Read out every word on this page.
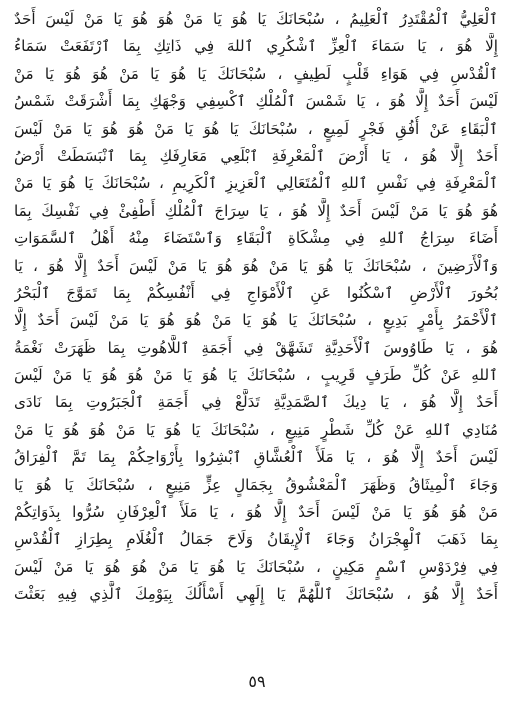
ٱلْعَلِيُّ ٱلْمُقْتَدِرُ ٱلْعَلِيمُ ، سُبْحَانَكَ يَا هُوَ يَا مَنْ هُوَ هُوَ يَا مَنْ لَيْسَ أَحَدٌ
إِلَّا هُوَ ، يَا سَمَاءَ ٱلْعِزِّ ٱشْكُرِي ٱللهَ فِي ذَاتِكِ بِمَا ٱرْتَفَعَتْ سَمَاءُ
ٱلْقُدْسِ فِي هَوَاءِ قَلْبٍ لَطِيفٍ ، سُبْحَانَكَ يَا هُوَ يَا مَنْ هُوَ هُوَ يَا مَنْ
لَيْسَ أَحَدٌ إِلَّا هُوَ ، يَا شَمْسَ ٱلْمُلْكِ ٱكْسِفِي وَجْهَكِ بِمَا أَشْرَقَتْ شَمْسُ
ٱلْبَقَاءِ عَنْ أُفُقِ فَجْرٍ لَمِيعٍ ، سُبْحَانَكَ يَا هُوَ يَا مَنْ هُوَ هُوَ يَا مَنْ لَيْسَ
أَحَدٌ إِلَّا هُوَ ، يَا أَرْضَ ٱلْمَعْرِفَةِ ٱبْلَعِي مَعَارِفَكِ بِمَا ٱنْبَسَطَتْ أَرْضُ
ٱلْمَعْرِفَةِ فِي نَفْسِ ٱللهِ ٱلْمُتَعَالِي ٱلْعَزِيزِ ٱلْكَرِيمِ ، سُبْحَانَكَ يَا هُوَ يَا مَنْ
هُوَ هُوَ يَا مَنْ لَيْسَ أَحَدٌ إِلَّا هُوَ ، يَا سِرَاجَ ٱلْمُلْكِ أَطْفِئْ فِي نَفْسِكَ بِمَا
أَضَاءَ سِرَاجُ ٱللهِ فِي مِشْكَاةِ ٱلْبَقَاءِ وَٱسْتَضَاءَ مِنْهُ أَهْلُ ٱلسَّمَوَاتِ
وَٱلْأَرَضِينَ ، سُبْحَانَكَ يَا هُوَ يَا مَنْ هُوَ هُوَ يَا مَنْ لَيْسَ أَحَدٌ إِلَّا هُوَ ، يَا
بُحُورَ ٱلْأَرْضِ ٱسْكُنُوا عَنِ ٱلْأَمْوَاجِ فِي أَنْفُسِكُمْ بِمَا تَمَوَّجَ ٱلْبَحْرُ
ٱلْأَحْمَرُ بِأَمْرٍ بَدِيعٍ ، سُبْحَانَكَ يَا هُوَ يَا مَنْ هُوَ هُوَ يَا مَنْ لَيْسَ أَحَدٌ إِلَّا
هُوَ ، يَا طَاوُوسَ ٱلْأَحَدِيَّةِ تَشَهَّقْ فِي أَجَمَةِ ٱللَّاهُوتِ بِمَا ظَهَرَتْ نَغْمَةُ
ٱللهِ عَنْ كُلِّ طَرَفٍ قَرِيبٍ ، سُبْحَانَكَ يَا هُوَ يَا مَنْ هُوَ هُوَ يَا مَنْ لَيْسَ
أَحَدٌ إِلَّا هُوَ ، يَا دِيكَ ٱلصَّمَدِيَّةِ تَدَلَّعْ فِي أَجَمَةِ ٱلْجَبَرُوتِ بِمَا نَادَى
مُنَادِي ٱللهِ عَنْ كُلِّ شَطْرٍ مَنِيعٍ ، سُبْحَانَكَ يَا هُوَ يَا مَنْ هُوَ هُوَ يَا مَنْ
لَيْسَ أَحَدٌ إِلَّا هُوَ ، يَا مَلَأَ ٱلْعُشَّاقِ ٱبْشِرُوا بِأَرْوَاحِكُمْ بِمَا تَمَّ ٱلْفِرَاقُ
وَجَاءَ ٱلْمِيثَاقُ وَظَهَرَ ٱلْمَعْشُوقُ بِجَمَالٍ عِزٍّ مَنِيعٍ ، سُبْحَانَكَ يَا هُوَ يَا
مَنْ هُوَ هُوَ يَا مَنْ لَيْسَ أَحَدٌ إِلَّا هُوَ ، يَا مَلَأَ ٱلْعِرْفَانِ سُرُّوا بِذَوَاتِكُمْ
بِمَا ذَهَبَ ٱلْهِجْرَانُ وَجَاءَ ٱلْإِيقَانُ وَلَاحَ جَمَالُ ٱلْغُلَامِ بِطِرَازِ ٱلْقُدْسِ
فِي فِرْدَوْسِ ٱسْمٍ مَكِينٍ ، سُبْحَانَكَ يَا هُوَ يَا مَنْ هُوَ هُوَ يَا مَنْ لَيْسَ
أَحَدٌ إِلَّا هُوَ ، سُبْحَانَكَ ٱللَّهُمَّ يَا إِلَهِي أَسْأَلُكَ بِيَوْمِكَ ٱلَّذِي فِيهِ بَعَثْتَ
٥٩
